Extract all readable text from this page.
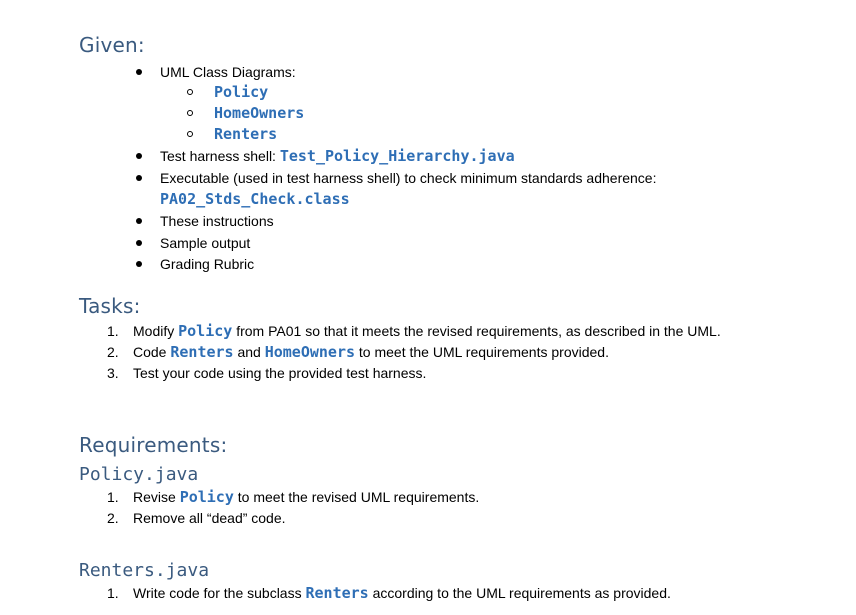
Given:
UML Class Diagrams:
Policy
HomeOwners
Renters
Test harness shell: Test_Policy_Hierarchy.java
Executable (used in test harness shell) to check minimum standards adherence:
PA02_Stds_Check.class
These instructions
Sample output
Grading Rubric
Tasks:
1. Modify Policy from PA01 so that it meets the revised requirements, as described in the UML.
2. Code Renters and HomeOwners to meet the UML requirements provided.
3. Test your code using the provided test harness.
Requirements:
Policy.java
1. Revise Policy to meet the revised UML requirements.
2. Remove all “dead” code.
Renters.java
1. Write code for the subclass Renters according to the UML requirements as provided.
